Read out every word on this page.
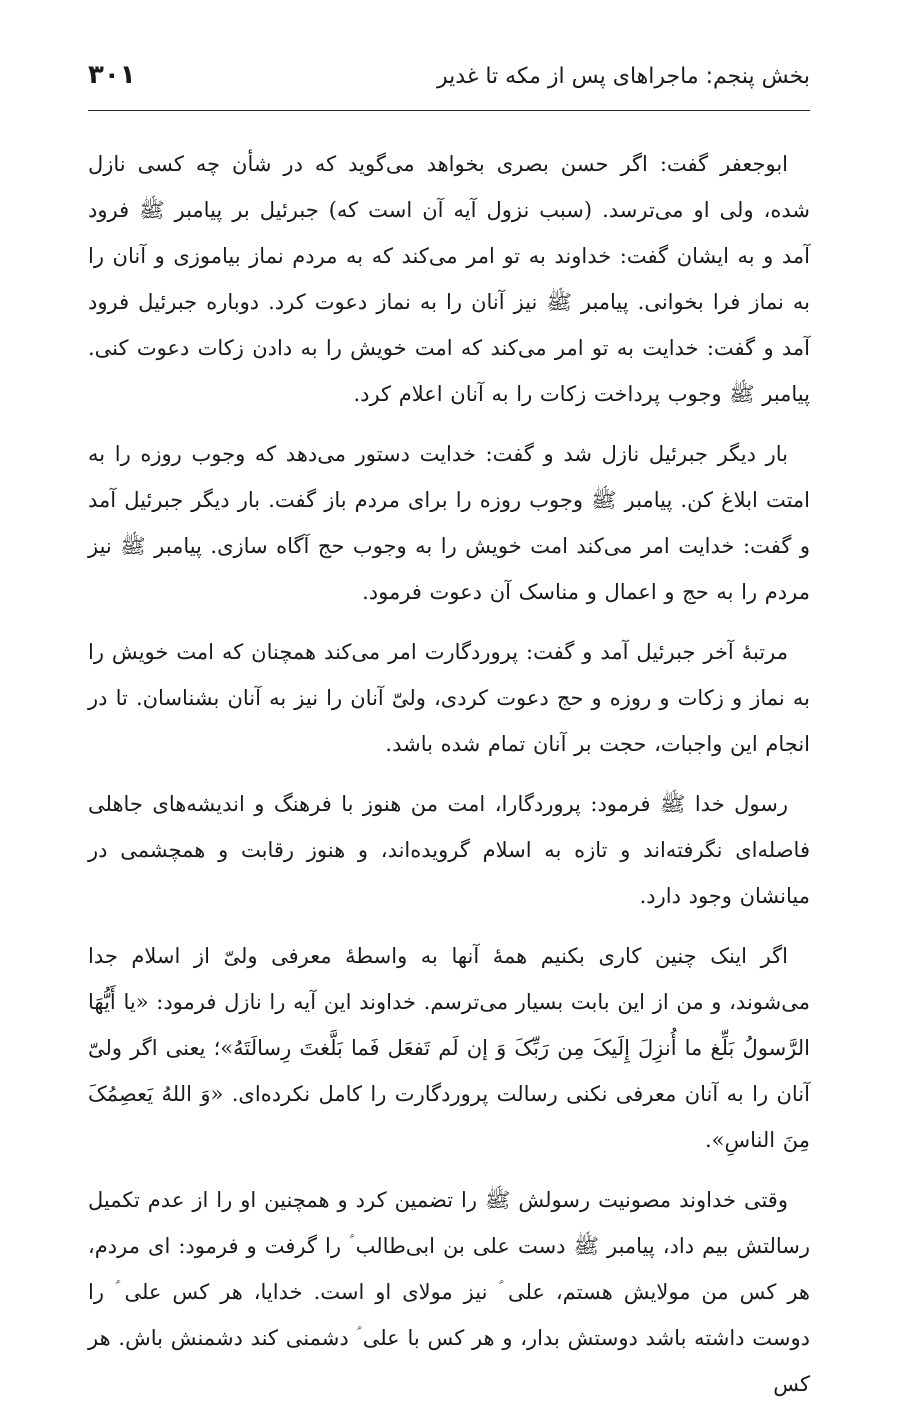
بخش پنجم: ماجراهای پس از مکه تا غدیر
۳۰۱

ابوجعفر گفت: اگر حسن بصری بخواهد می‌گوید که در شأن چه کسی نازل شده، ولی او می‌ترسد. (سبب نزول آیه آن است که) جبرئیل بر پیامبر ﷺ فرود آمد و به ایشان گفت: خداوند به تو امر می‌کند که به مردم نماز بیاموزی و آنان را به نماز فرا بخوانی. پیامبر ﷺ نیز آنان را به نماز دعوت کرد. دوباره جبرئیل فرود آمد و گفت: خدایت به تو امر می‌کند که امت خویش را به دادن زکات دعوت کنی. پیامبر ﷺ وجوب پرداخت زکات را به آنان اعلام کرد.

بار دیگر جبرئیل نازل شد و گفت: خدایت دستور می‌دهد که وجوب روزه را به امتت ابلاغ کن. پیامبر ﷺ وجوب روزه را برای مردم باز گفت. بار دیگر جبرئیل آمد و گفت: خدایت امر می‌کند امت خویش را به وجوب حج آگاه سازی. پیامبر ﷺ نیز مردم را به حج و اعمال و مناسک آن دعوت فرمود.

مرتبهٔ آخر جبرئیل آمد و گفت: پروردگارت امر می‌کند همچنان که امت خویش را به نماز و زکات و روزه و حج دعوت کردی، ولیّ آنان را نیز به آنان بشناسان. تا در انجام این واجبات، حجت بر آنان تمام شده باشد.

رسول خدا ﷺ فرمود: پروردگارا، امت من هنوز با فرهنگ و اندیشه‌های جاهلی فاصله‌ای نگرفته‌اند و تازه به اسلام گرویده‌اند، و هنوز رقابت و همچشمی در میانشان وجود دارد.

اگر اینک چنین کاری بکنیم همهٔ آنها به واسطهٔ معرفی ولیّ از اسلام جدا می‌شوند، و من از این بابت بسیار می‌ترسم. خداوند این آیه را نازل فرمود: «یا أَیُّهَا الرَّسولُ بَلِّغ ما أُنزِلَ إِلَیکَ مِن رَبِّکَ وَ إن لَم تَفعَل فَما بَلَّغتَ رِسالَتَهُ»؛ یعنی اگر ولیّ آنان را به آنان معرفی نکنی رسالت پروردگارت را کامل نکرده‌ای. «وَ اللهُ یَعصِمُکَ مِنَ الناسِ».

وقتی خداوند مصونیت رسولش ﷺ را تضمین کرد و همچنین او را از عدم تکمیل رسالتش بیم داد، پیامبر ﷺ دست علی بن ابی‌طالب ؑ را گرفت و فرمود: ای مردم، هر کس من مولایش هستم، علی ؑ نیز مولای او است. خدایا، هر کس علی ؑ را دوست داشته باشد دوستش بدار، و هر کس با علی ؑ دشمنی کند دشمنش باش. هر کس
